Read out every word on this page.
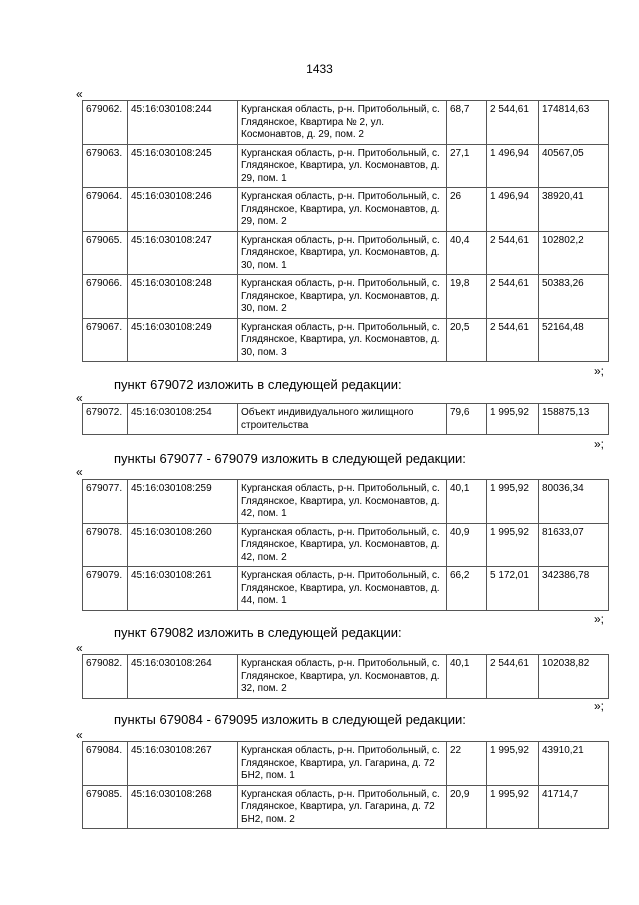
1433
«
679062.	45:16:030108:244	Курганская область, р-н. Притобольный, с. Глядянское, Квартира № 2, ул. Космонавтов, д. 29, пом. 2	68,7	2 544,61	174814,63
679063.	45:16:030108:245	Курганская область, р-н. Притобольный, с. Глядянское, Квартира, ул. Космонавтов, д. 29, пом. 1	27,1	1 496,94	40567,05
679064.	45:16:030108:246	Курганская область, р-н. Притобольный, с. Глядянское, Квартира, ул. Космонавтов, д. 29, пом. 2	26	1 496,94	38920,41
679065.	45:16:030108:247	Курганская область, р-н. Притобольный, с. Глядянское, Квартира, ул. Космонавтов, д. 30, пом. 1	40,4	2 544,61	102802,2
679066.	45:16:030108:248	Курганская область, р-н. Притобольный, с. Глядянское, Квартира, ул. Космонавтов, д. 30, пом. 2	19,8	2 544,61	50383,26
679067.	45:16:030108:249	Курганская область, р-н. Притобольный, с. Глядянское, Квартира, ул. Космонавтов, д. 30, пом. 3	20,5	2 544,61	52164,48
»;
пункт 679072 изложить в следующей редакции:
«
679072.	45:16:030108:254	Объект индивидуального жилищного строительства	79,6	1 995,92	158875,13
»;
пункты 679077 - 679079 изложить в следующей редакции:
«
679077.	45:16:030108:259	Курганская область, р-н. Притобольный, с. Глядянское, Квартира, ул. Космонавтов, д. 42, пом. 1	40,1	1 995,92	80036,34
679078.	45:16:030108:260	Курганская область, р-н. Притобольный, с. Глядянское, Квартира, ул. Космонавтов, д. 42, пом. 2	40,9	1 995,92	81633,07
679079.	45:16:030108:261	Курганская область, р-н. Притобольный, с. Глядянское, Квартира, ул. Космонавтов, д. 44, пом. 1	66,2	5 172,01	342386,78
»;
пункт 679082 изложить в следующей редакции:
«
679082.	45:16:030108:264	Курганская область, р-н. Притобольный, с. Глядянское, Квартира, ул. Космонавтов, д. 32, пом. 2	40,1	2 544,61	102038,82
»;
пункты 679084 - 679095 изложить в следующей редакции:
«
679084.	45:16:030108:267	Курганская область, р-н. Притобольный, с. Глядянское, Квартира, ул. Гагарина, д. 72 БН2, пом. 1	22	1 995,92	43910,21
679085.	45:16:030108:268	Курганская область, р-н. Притобольный, с. Глядянское, Квартира, ул. Гагарина, д. 72 БН2, пом. 2	20,9	1 995,92	41714,7
